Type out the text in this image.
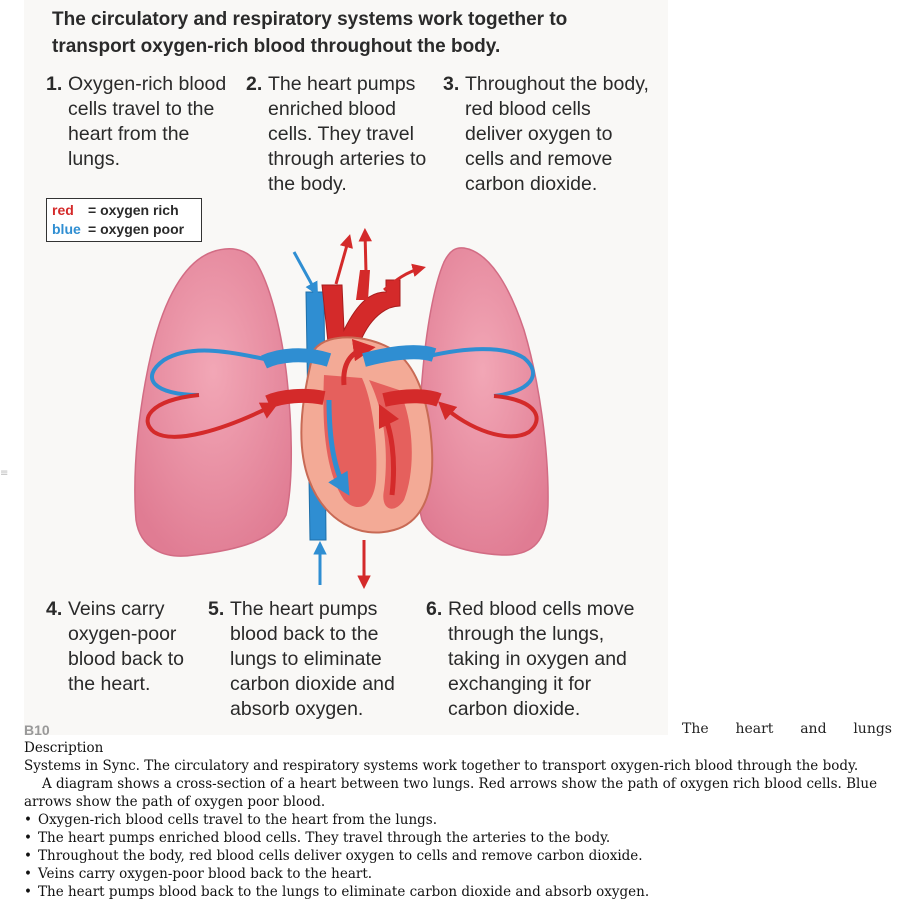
≡
The circulatory and respiratory systems work together to transport oxygen-rich blood throughout the body.
1. Oxygen-rich blood cells travel to the heart from the lungs.
2. The heart pumps enriched blood cells. They travel through arteries to the body.
3. Throughout the body, red blood cells deliver oxygen to cells and remove carbon dioxide.
4. Veins carry oxygen-poor blood back to the heart.
5. The heart pumps blood back to the lungs to eliminate carbon dioxide and absorb oxygen.
6. Red blood cells move through the lungs, taking in oxygen and exchanging it for carbon dioxide.
red = oxygen rich
blue = oxygen poor
B10	The heart and lungs

Description

Systems in Sync. The circulatory and respiratory systems work together to transport oxygen-rich blood through the body.

A diagram shows a cross-section of a heart between two lungs. Red arrows show the path of oxygen rich blood cells. Blue arrows show the path of oxygen poor blood.

• Oxygen-rich blood cells travel to the heart from the lungs.
• The heart pumps enriched blood cells. They travel through the arteries to the body.
• Throughout the body, red blood cells deliver oxygen to cells and remove carbon dioxide.
• Veins carry oxygen-poor blood back to the heart.
• The heart pumps blood back to the lungs to eliminate carbon dioxide and absorb oxygen.
